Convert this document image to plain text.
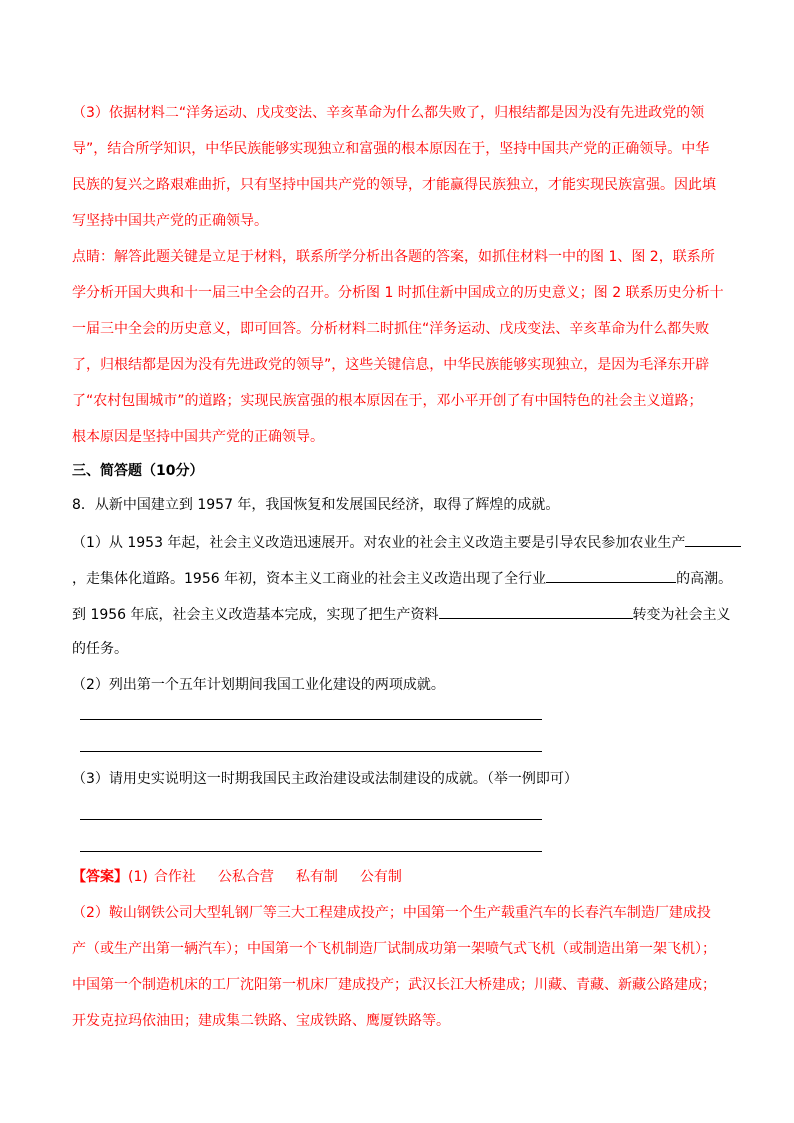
（3）依据材料二“洋务运动、戊戌变法、辛亥革命为什么都失败了，归根结都是因为没有先进政党的领
导”，结合所学知识，中华民族能够实现独立和富强的根本原因在于，坚持中国共产党的正确领导。中华
民族的复兴之路艰难曲折，只有坚持中国共产党的领导，才能赢得民族独立，才能实现民族富强。因此填
写坚持中国共产党的正确领导。
点睛：解答此题关键是立足于材料，联系所学分析出各题的答案，如抓住材料一中的图 1、图 2，联系所
学分析开国大典和十一届三中全会的召开。分析图 1 时抓住新中国成立的历史意义；图 2 联系历史分析十
一届三中全会的历史意义，即可回答。分析材料二时抓住“洋务运动、戊戌变法、辛亥革命为什么都失败
了，归根结都是因为没有先进政党的领导”，这些关键信息，中华民族能够实现独立，是因为毛泽东开辟
了“农村包围城市”的道路；实现民族富强的根本原因在于，邓小平开创了有中国特色的社会主义道路；
根本原因是坚持中国共产党的正确领导。
三、简答题（10分）
8．从新中国建立到 1957 年，我国恢复和发展国民经济，取得了辉煌的成就。
（1）从 1953 年起，社会主义改造迅速展开。对农业的社会主义改造主要是引导农民参加农业生产
，走集体化道路。1956 年初，资本主义工商业的社会主义改造出现了全行业	的高潮。
到 1956 年底，社会主义改造基本完成，实现了把生产资料	转变为社会主义
的任务。
（2）列出第一个五年计划期间我国工业化建设的两项成就。
（3）请用史实说明这一时期我国民主政治建设或法制建设的成就。（举一例即可）
【答案】(1) 合作社 公私合营 私有制 公有制
（2）鞍山钢铁公司大型轧钢厂等三大工程建成投产；中国第一个生产载重汽车的长春汽车制造厂建成投
产（或生产出第一辆汽车）；中国第一个飞机制造厂试制成功第一架喷气式飞机（或制造出第一架飞机）；
中国第一个制造机床的工厂沈阳第一机床厂建成投产；武汉长江大桥建成；川藏、青藏、新藏公路建成；
开发克拉玛依油田；建成集二铁路、宝成铁路、鹰厦铁路等。
